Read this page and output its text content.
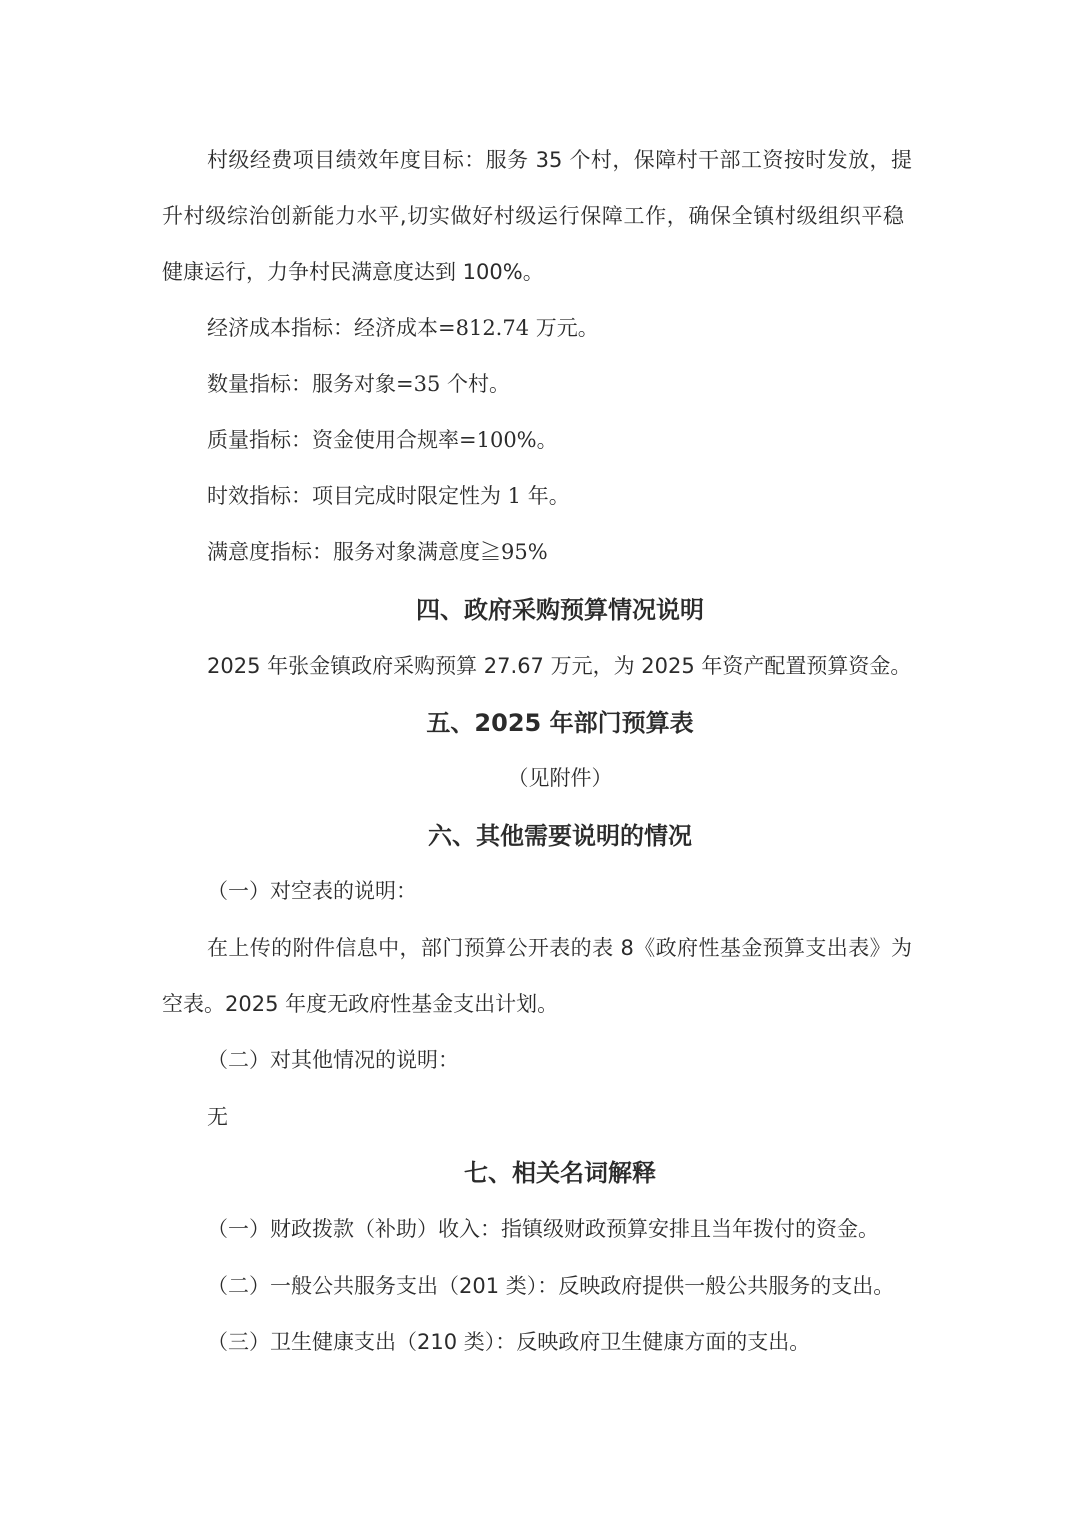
村级经费项目绩效年度目标：服务 35 个村，保障村干部工资按时发放，提
升村级综治创新能力水平,切实做好村级运行保障工作，确保全镇村级组织平稳
健康运行，力争村民满意度达到 100%。
经济成本指标：经济成本=812.74 万元。
数量指标：服务对象=35 个村。
质量指标：资金使用合规率=100%。
时效指标：项目完成时限定性为 1 年。
满意度指标：服务对象满意度≧95%
四、政府采购预算情况说明
2025 年张金镇政府采购预算 27.67 万元，为 2025 年资产配置预算资金。
五、2025 年部门预算表
（见附件）
六、其他需要说明的情况
（一）对空表的说明：
在上传的附件信息中，部门预算公开表的表 8《政府性基金预算支出表》为
空表。2025 年度无政府性基金支出计划。
（二）对其他情况的说明：
无
七、相关名词解释
（一）财政拨款（补助）收入：指镇级财政预算安排且当年拨付的资金。
（二）一般公共服务支出（201 类）：反映政府提供一般公共服务的支出。
（三）卫生健康支出（210 类）：反映政府卫生健康方面的支出。
